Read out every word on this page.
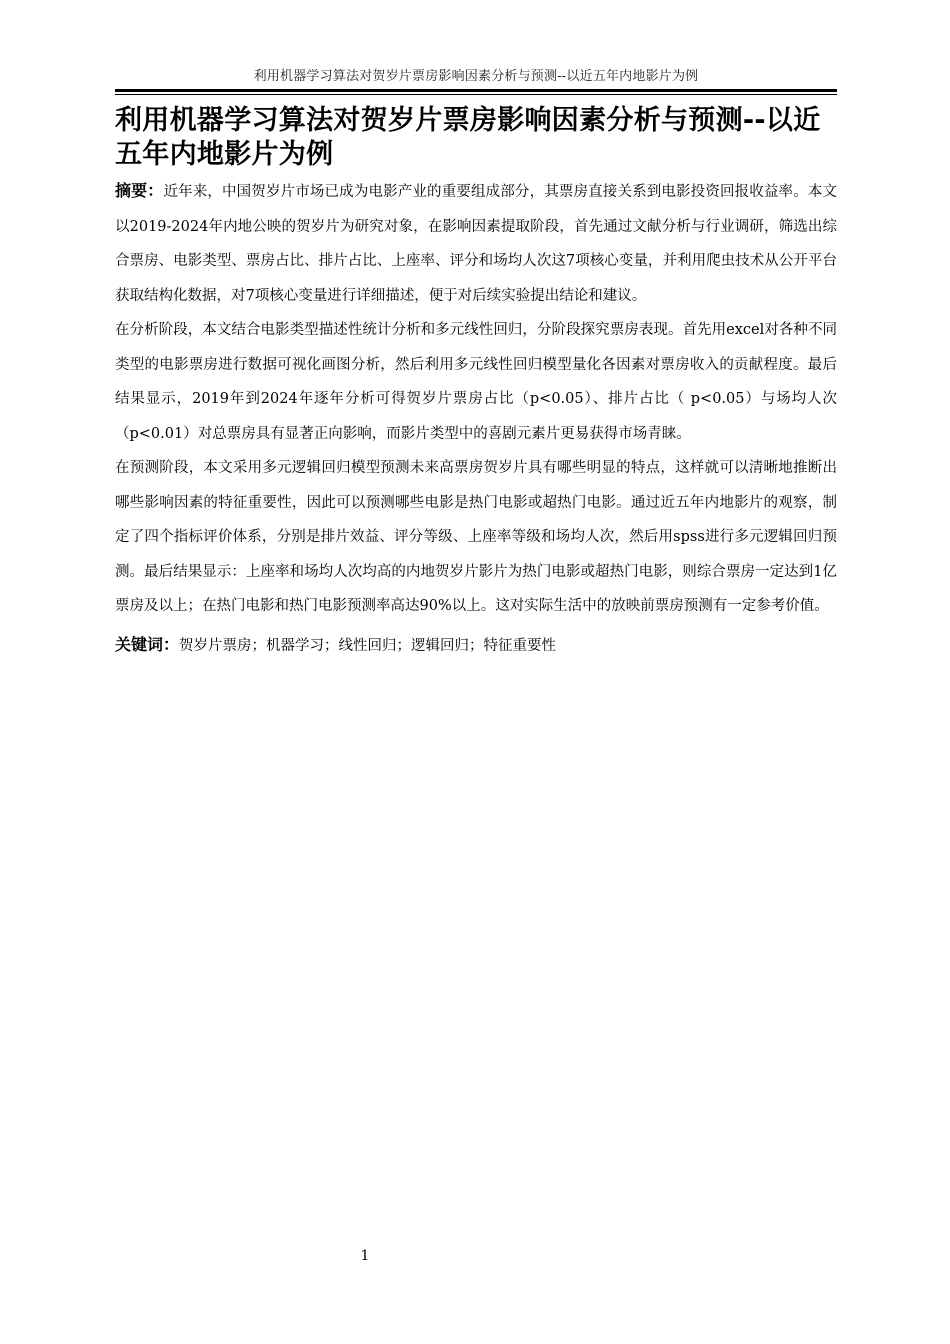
利用机器学习算法对贺岁片票房影响因素分析与预测--以近五年内地影片为例
利用机器学习算法对贺岁片票房影响因素分析与预测--以近五年内地影片为例

摘要：近年来，中国贺岁片市场已成为电影产业的重要组成部分，其票房直接关系到电影投资回报收益率。本文以2019-2024年内地公映的贺岁片为研究对象，在影响因素提取阶段，首先通过文献分析与行业调研，筛选出综合票房、电影类型、票房占比、排片占比、上座率、评分和场均人次这7项核心变量，并利用爬虫技术从公开平台获取结构化数据，对7项核心变量进行详细描述，便于对后续实验提出结论和建议。

在分析阶段，本文结合电影类型描述性统计分析和多元线性回归，分阶段探究票房表现。首先用excel对各种不同类型的电影票房进行数据可视化画图分析，然后利用多元线性回归模型量化各因素对票房收入的贡献程度。最后结果显示，2019年到2024年逐年分析可得贺岁片票房占比（p<0.05）、排片占比（ p<0.05）与场均人次（p<0.01）对总票房具有显著正向影响，而影片类型中的喜剧元素片更易获得市场青睐。

在预测阶段，本文采用多元逻辑回归模型预测未来高票房贺岁片具有哪些明显的特点，这样就可以清晰地推断出哪些影响因素的特征重要性，因此可以预测哪些电影是热门电影或超热门电影。通过近五年内地影片的观察，制定了四个指标评价体系，分别是排片效益、评分等级、上座率等级和场均人次，然后用spss进行多元逻辑回归预测。最后结果显示：上座率和场均人次均高的内地贺岁片影片为热门电影或超热门电影，则综合票房一定达到1亿票房及以上；在热门电影和热门电影预测率高达90%以上。这对实际生活中的放映前票房预测有一定参考价值。

关键词：贺岁片票房；机器学习；线性回归；逻辑回归；特征重要性

1
